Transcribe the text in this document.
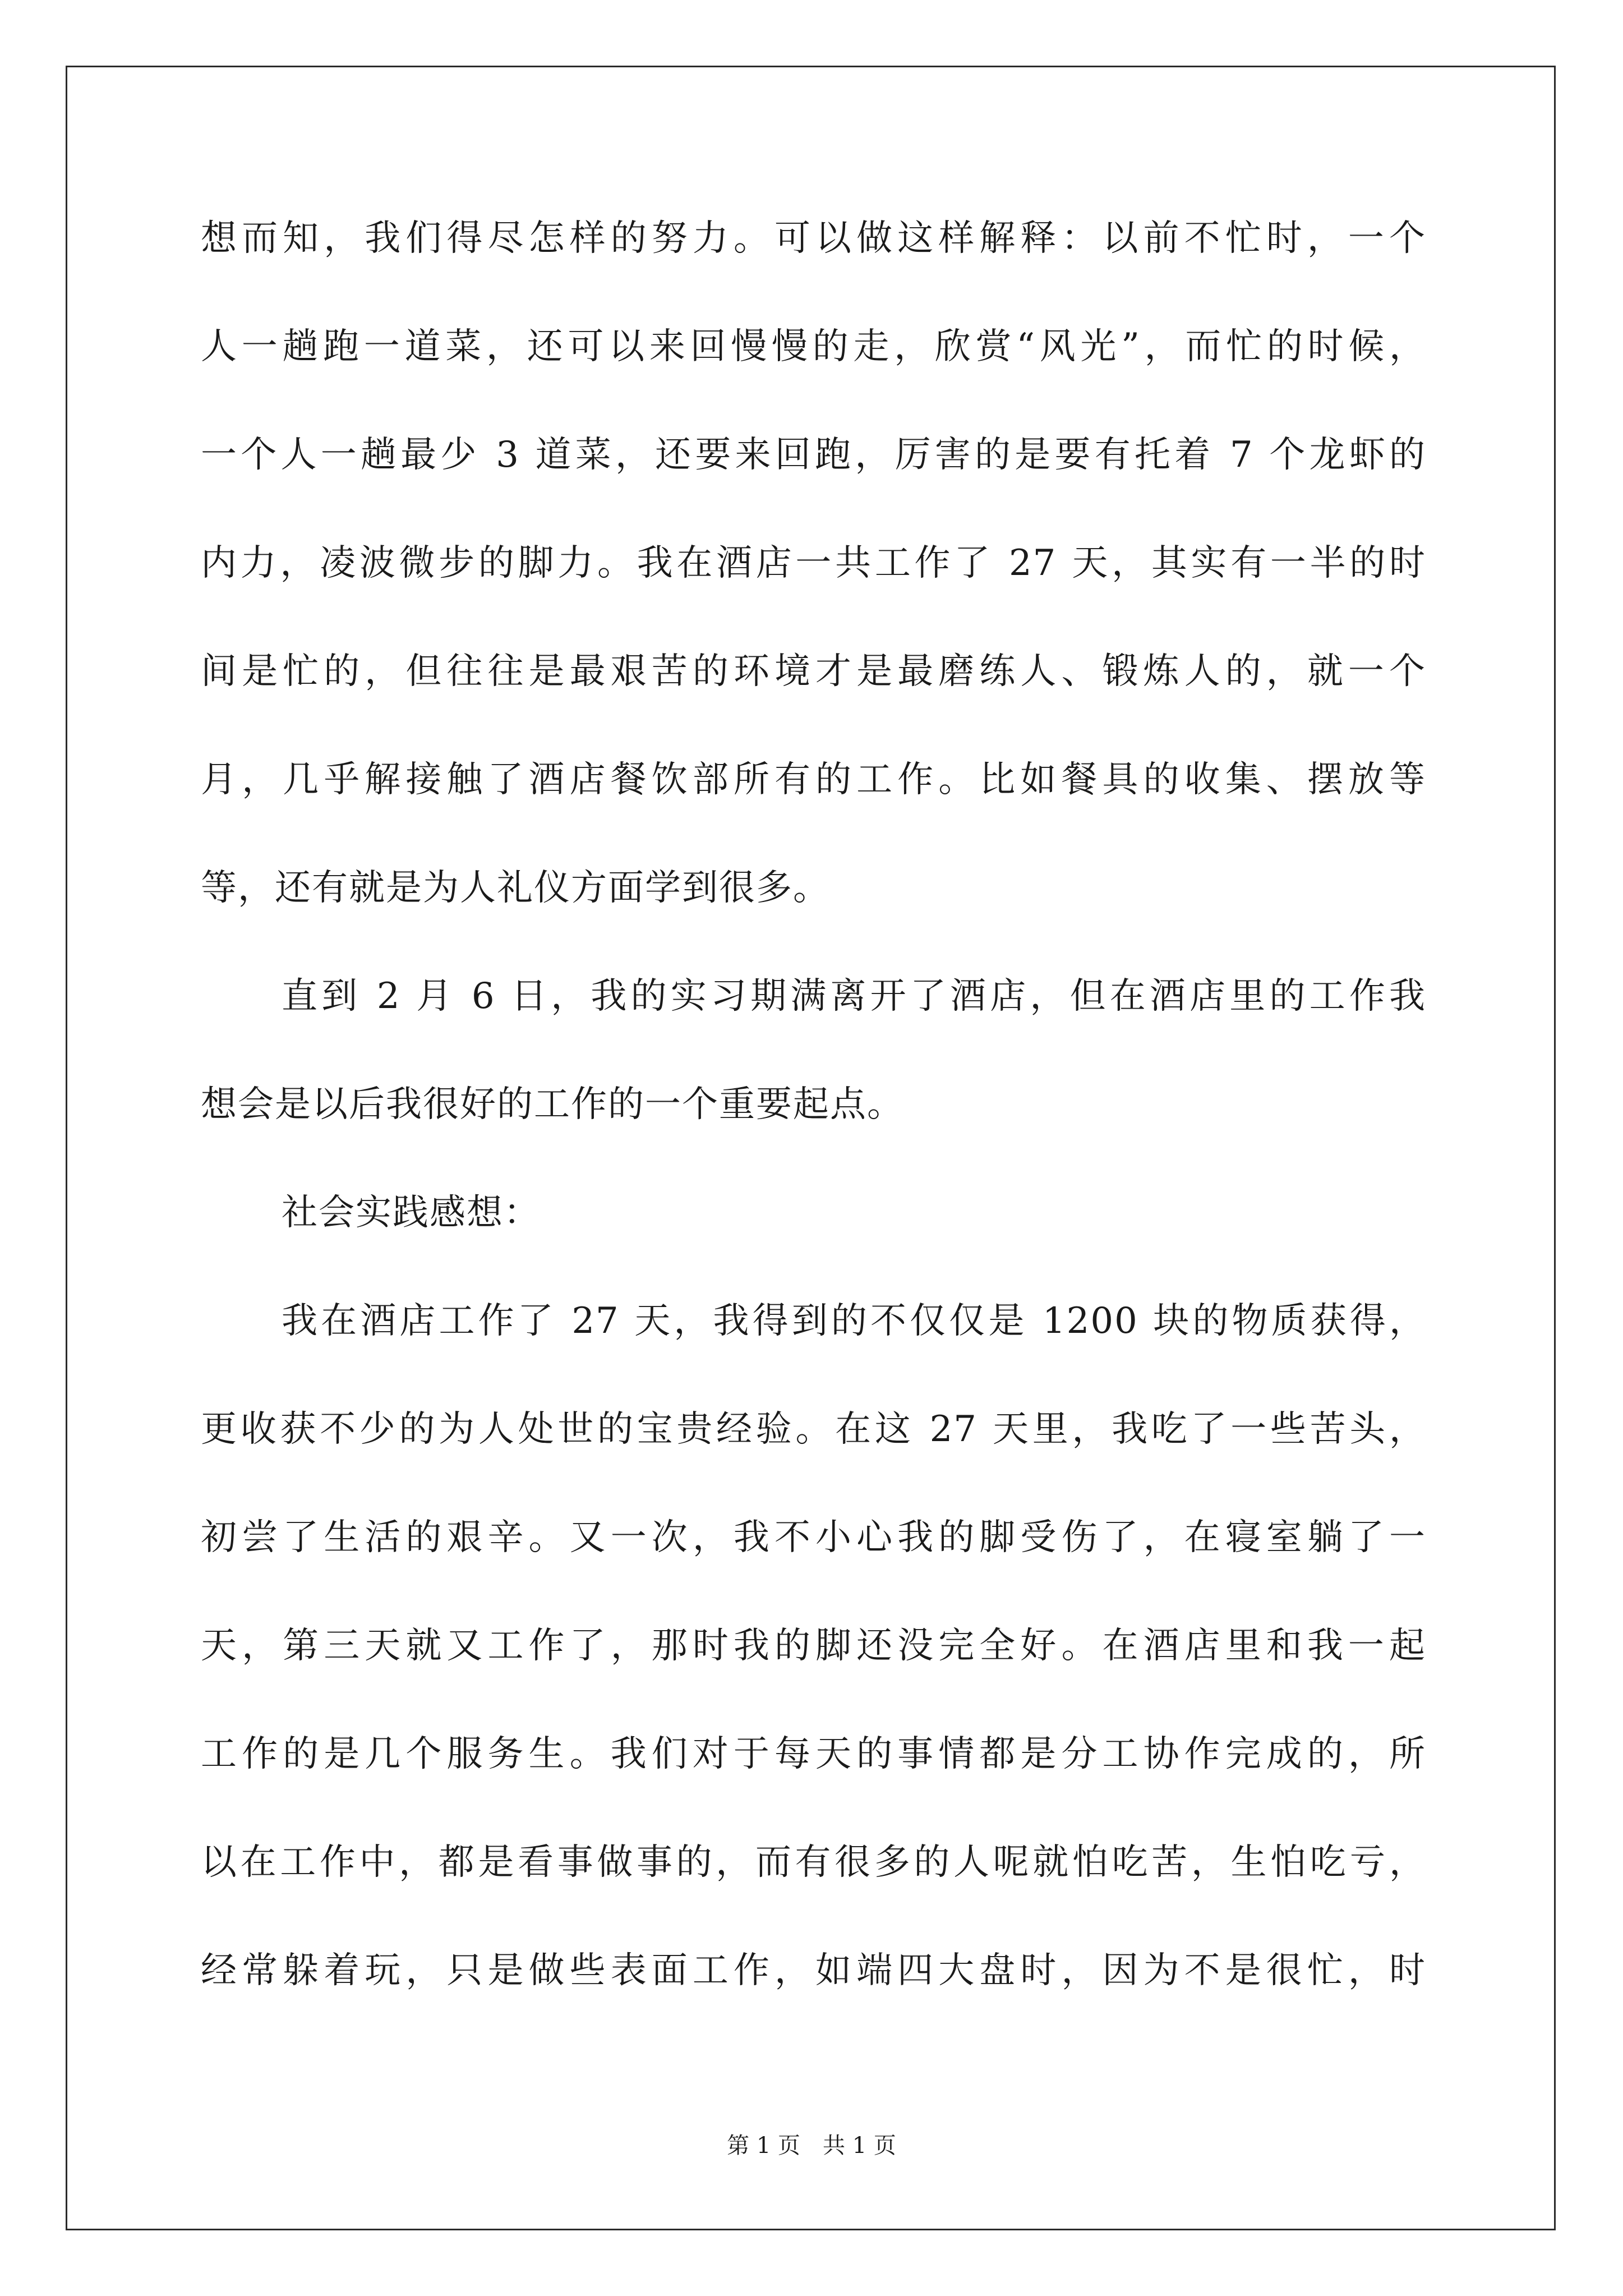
想而知，我们得尽怎样的努力。可以做这样解释：以前不忙时，一个
人一趟跑一道菜，还可以来回慢慢的走，欣赏“风光”，而忙的时候，
一个人一趟最少 3 道菜，还要来回跑，厉害的是要有托着 7 个龙虾的
内力，凌波微步的脚力。我在酒店一共工作了 27 天，其实有一半的时
间是忙的，但往往是最艰苦的环境才是最磨练人、锻炼人的，就一个
月，几乎解接触了酒店餐饮部所有的工作。比如餐具的收集、摆放等
等，还有就是为人礼仪方面学到很多。
直到 2 月 6 日，我的实习期满离开了酒店，但在酒店里的工作我
想会是以后我很好的工作的一个重要起点。
社会实践感想：
我在酒店工作了 27 天，我得到的不仅仅是 1200 块的物质获得，
更收获不少的为人处世的宝贵经验。在这 27 天里，我吃了一些苦头，
初尝了生活的艰辛。又一次，我不小心我的脚受伤了，在寝室躺了一
天，第三天就又工作了，那时我的脚还没完全好。在酒店里和我一起
工作的是几个服务生。我们对于每天的事情都是分工协作完成的，所
以在工作中，都是看事做事的，而有很多的人呢就怕吃苦，生怕吃亏，
经常躲着玩，只是做些表面工作，如端四大盘时，因为不是很忙，时
第 1 页 共 1 页
